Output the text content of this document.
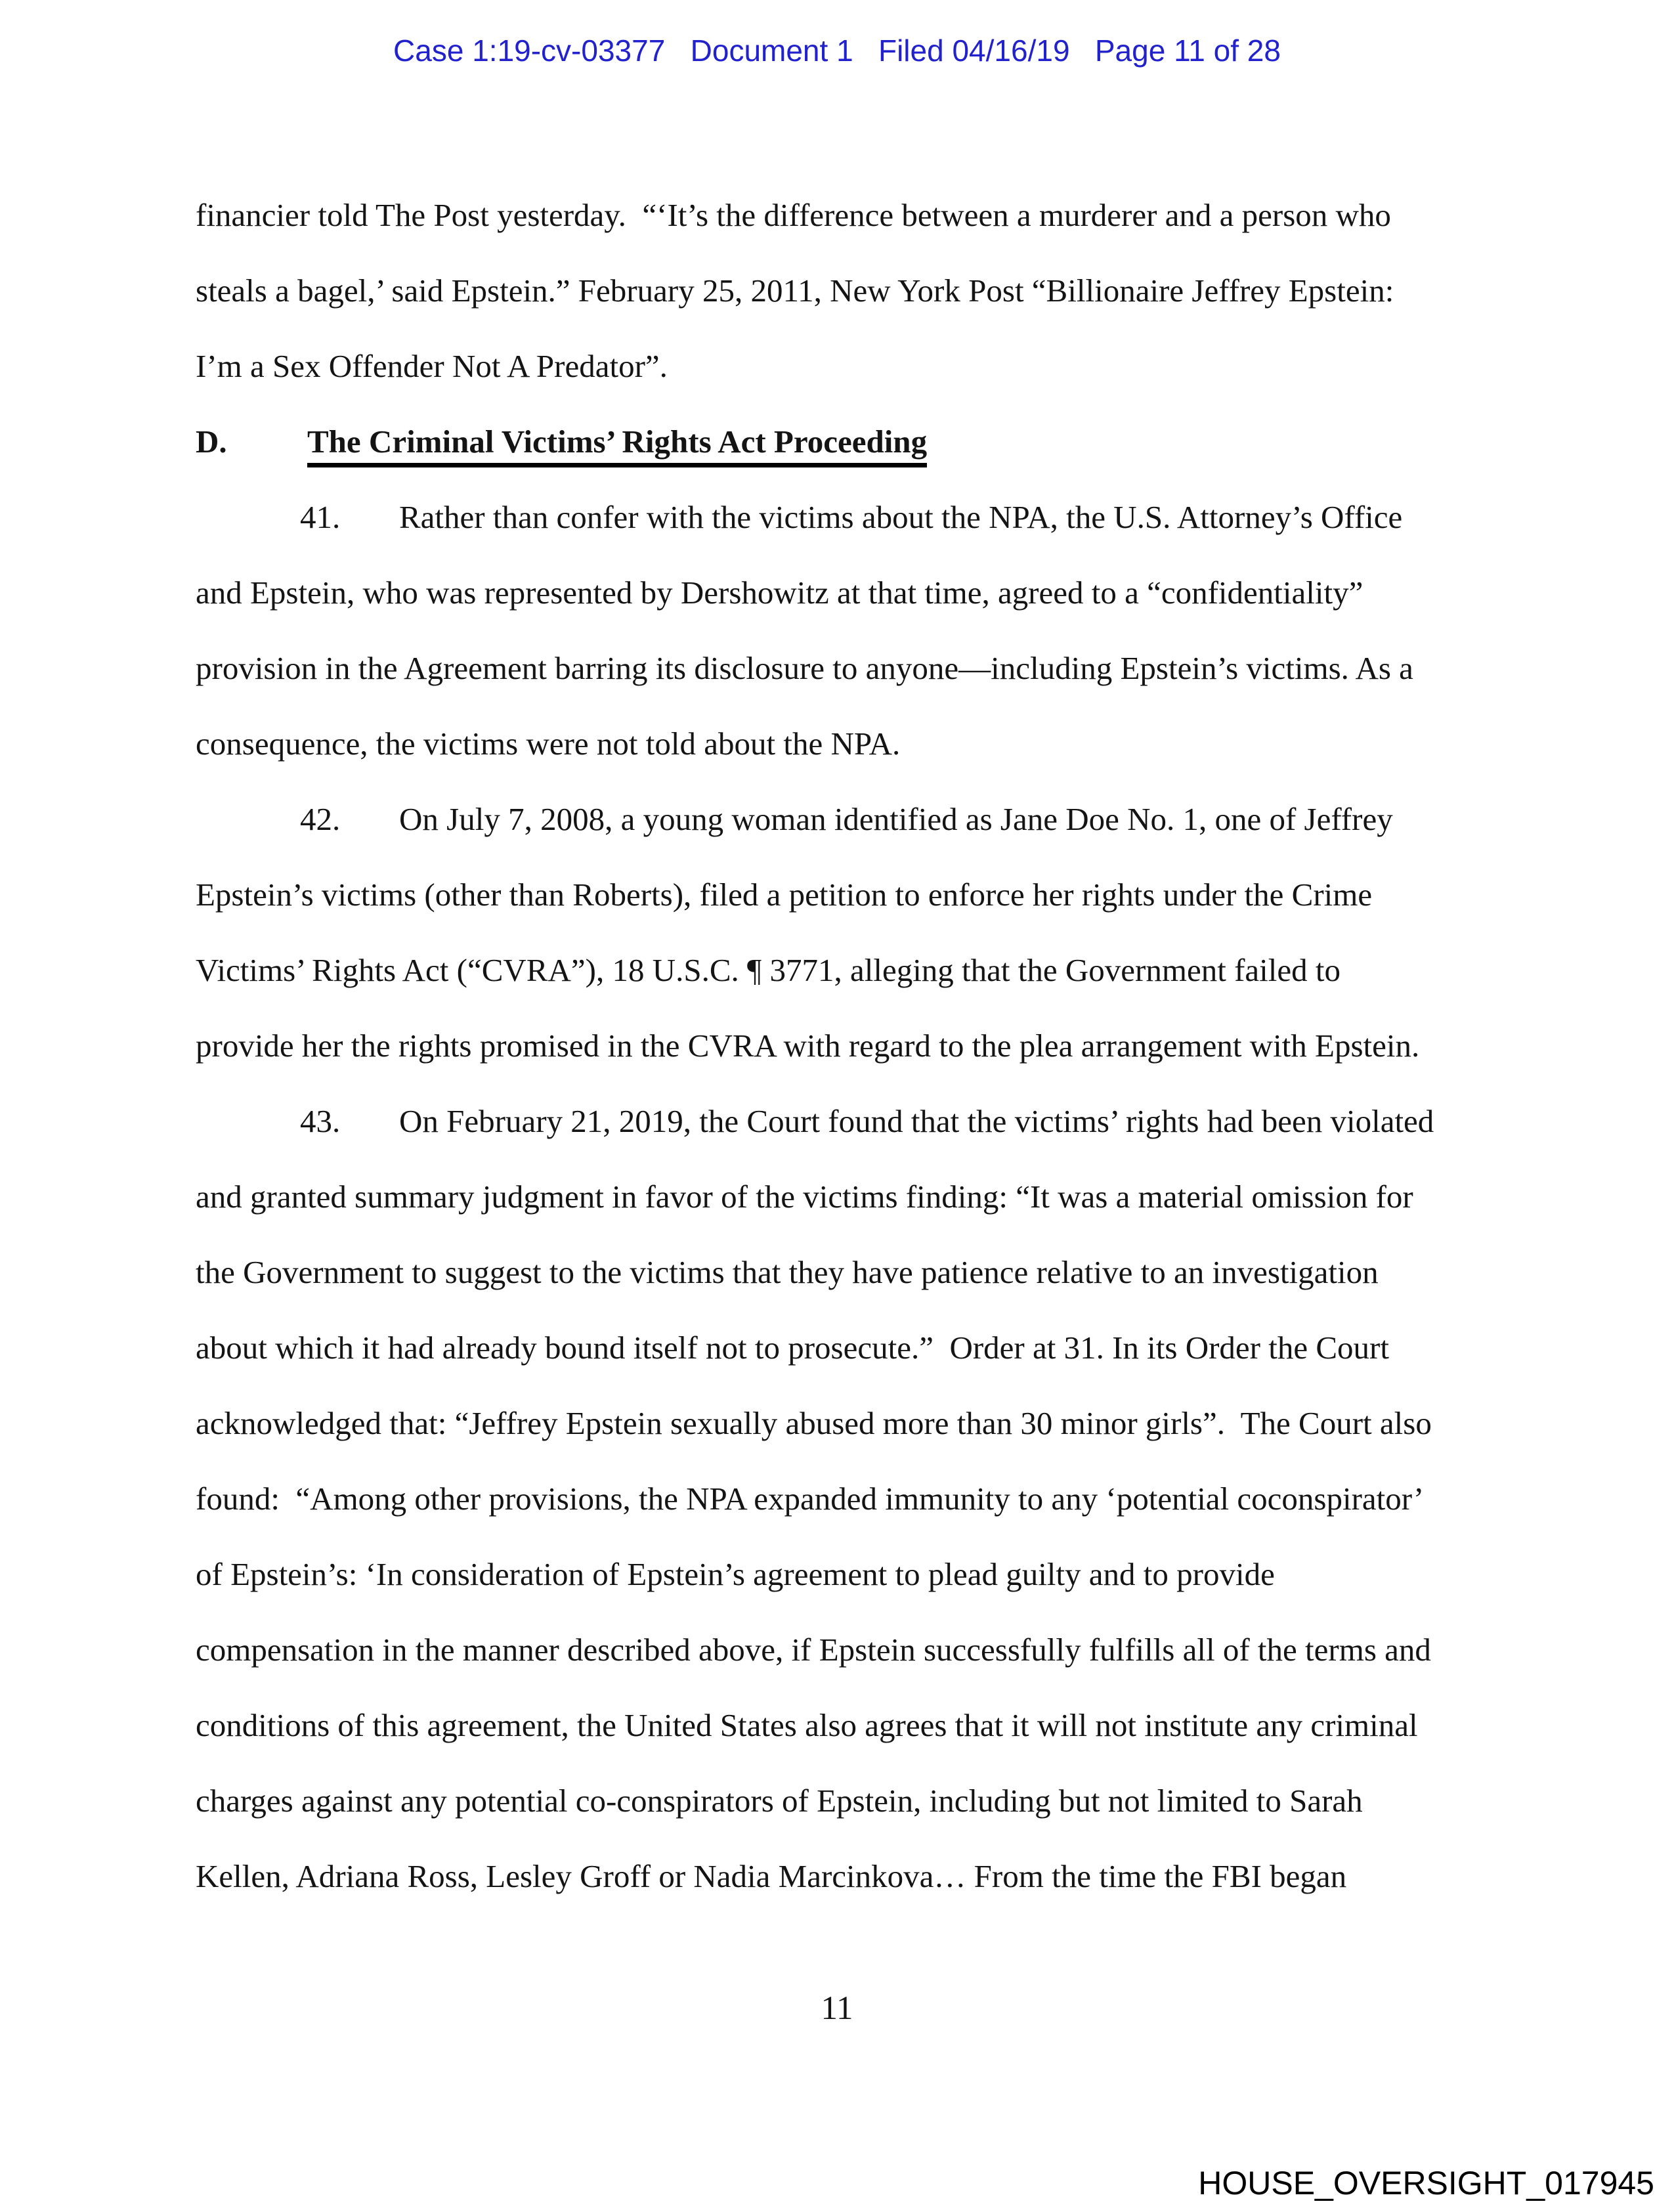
Case 1:19-cv-03377   Document 1   Filed 04/16/19   Page 11 of 28
financier told The Post yesterday.  “‘It’s the difference between a murderer and a person who
steals a bagel,’ said Epstein.” February 25, 2011, New York Post “Billionaire Jeffrey Epstein:
I’m a Sex Offender Not A Predator”.
D. The Criminal Victims’ Rights Act Proceeding
41. Rather than confer with the victims about the NPA, the U.S. Attorney’s Office
and Epstein, who was represented by Dershowitz at that time, agreed to a “confidentiality”
provision in the Agreement barring its disclosure to anyone—including Epstein’s victims. As a
consequence, the victims were not told about the NPA.
42. On July 7, 2008, a young woman identified as Jane Doe No. 1, one of Jeffrey
Epstein’s victims (other than Roberts), filed a petition to enforce her rights under the Crime
Victims’ Rights Act (“CVRA”), 18 U.S.C. ¶ 3771, alleging that the Government failed to
provide her the rights promised in the CVRA with regard to the plea arrangement with Epstein.
43. On February 21, 2019, the Court found that the victims’ rights had been violated
and granted summary judgment in favor of the victims finding: “It was a material omission for
the Government to suggest to the victims that they have patience relative to an investigation
about which it had already bound itself not to prosecute.”  Order at 31. In its Order the Court
acknowledged that: “Jeffrey Epstein sexually abused more than 30 minor girls”.  The Court also
found:  “Among other provisions, the NPA expanded immunity to any ‘potential coconspirator’
of Epstein’s: ‘In consideration of Epstein’s agreement to plead guilty and to provide
compensation in the manner described above, if Epstein successfully fulfills all of the terms and
conditions of this agreement, the United States also agrees that it will not institute any criminal
charges against any potential co-conspirators of Epstein, including but not limited to Sarah
Kellen, Adriana Ross, Lesley Groff or Nadia Marcinkova… From the time the FBI began
11
HOUSE_OVERSIGHT_017945
